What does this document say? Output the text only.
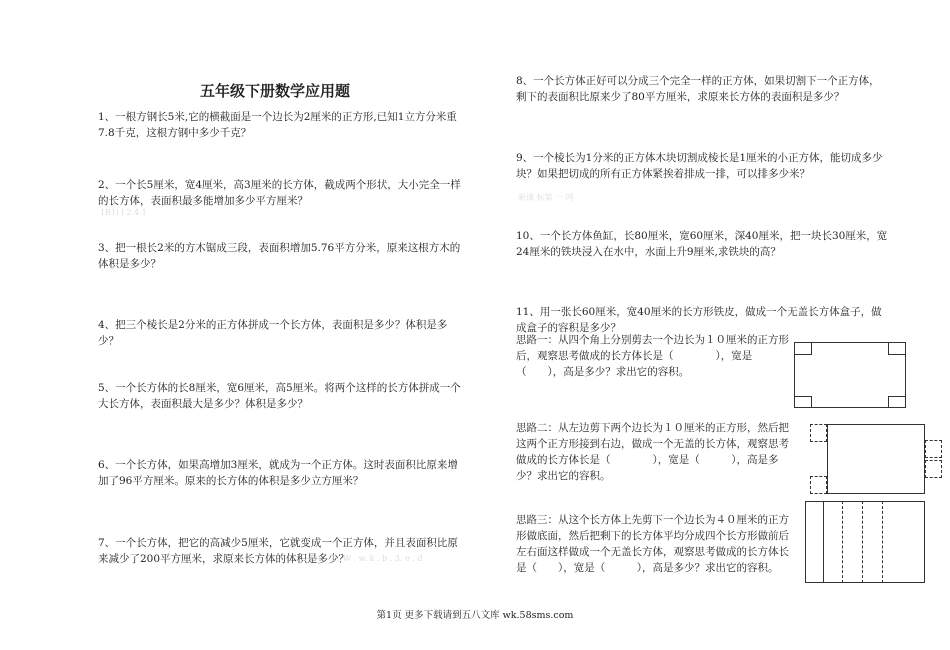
五年级下册数学应用题
1、一根方钢长5米,它的横截面是一个边长为2厘米的正方形,已知1立方分米重7.8千克，这根方钢中多少千克？
2、一个长5厘米，宽4厘米，高3厘米的长方体，截成两个形状，大小完全一样的长方体，表面积最多能增加多少平方厘米？
1R1i l 2.4 1
3、把一根长2米的方木锯成三段，表面积增加5.76平方分米，原来这根方木的体积是多少？
4、把三个棱长是2分米的正方体拼成一个长方体，表面积是多少？体积是多少？
5、一个长方体的长8厘米，宽6厘米，高5厘米。将两个这样的长方体拼成一个大长方体，表面积最大是多少？体积是多少？
6、一个长方体，如果高增加3厘米，就成为一个正方体。这时表面积比原来增加了96平方厘米。原来的长方体的体积是多少立方厘米？
7、一个长方体，把它的高减少5厘米，它就变成一个正方体，并且表面积比原来减少了200平方厘米，求原来长方体的体积是多少？
2 . W . w. k . b . 3. e . d
8、一个长方体正好可以分成三个完全一样的正方体，如果切割下一个正方体，剩下的表面积比原来少了80平方厘米，求原来长方体的表面积是多少？
9、一个棱长为1分米的正方体木块切割成棱长是1厘米的小正方体，能切成多少块？如果把切成的所有正方体紧挨着排成一排，可以排多少米？
新课 标第 一 网
10、一个长方体鱼缸，长80厘米，宽60厘米，深40厘米，把一块长30厘米，宽24厘米的铁块浸入在水中，水面上升9厘米,求铁块的高？
11、用一张长60厘米，宽40厘米的长方形铁皮，做成一个无盖长方体盒子，做成盒子的容积是多少？
思路一：从四个角上分别剪去一个边长为１０厘米的正方形后，观察思考做成的长方体长是（　　　　），宽是（　　），高是多少？求出它的容积。
思路二：从左边剪下两个边长为１０厘米的正方形，然后把这两个正方形接到右边，做成一个无盖的长方体，观察思考做成的长方体长是（　　　　），宽是（　　　），高是多少？求出它的容积。
思路三：从这个长方体上先剪下一个边长为４０厘米的正方形做底面，然后把剩下的长方体平均分成四个长方形做前后左右面这样做成一个无盖长方体，观察思考做成的长方体长是（　　），宽是（　　　），高是多少？求出它的容积。
第1页 更多下载请到五八文库 wk.58sms.com
